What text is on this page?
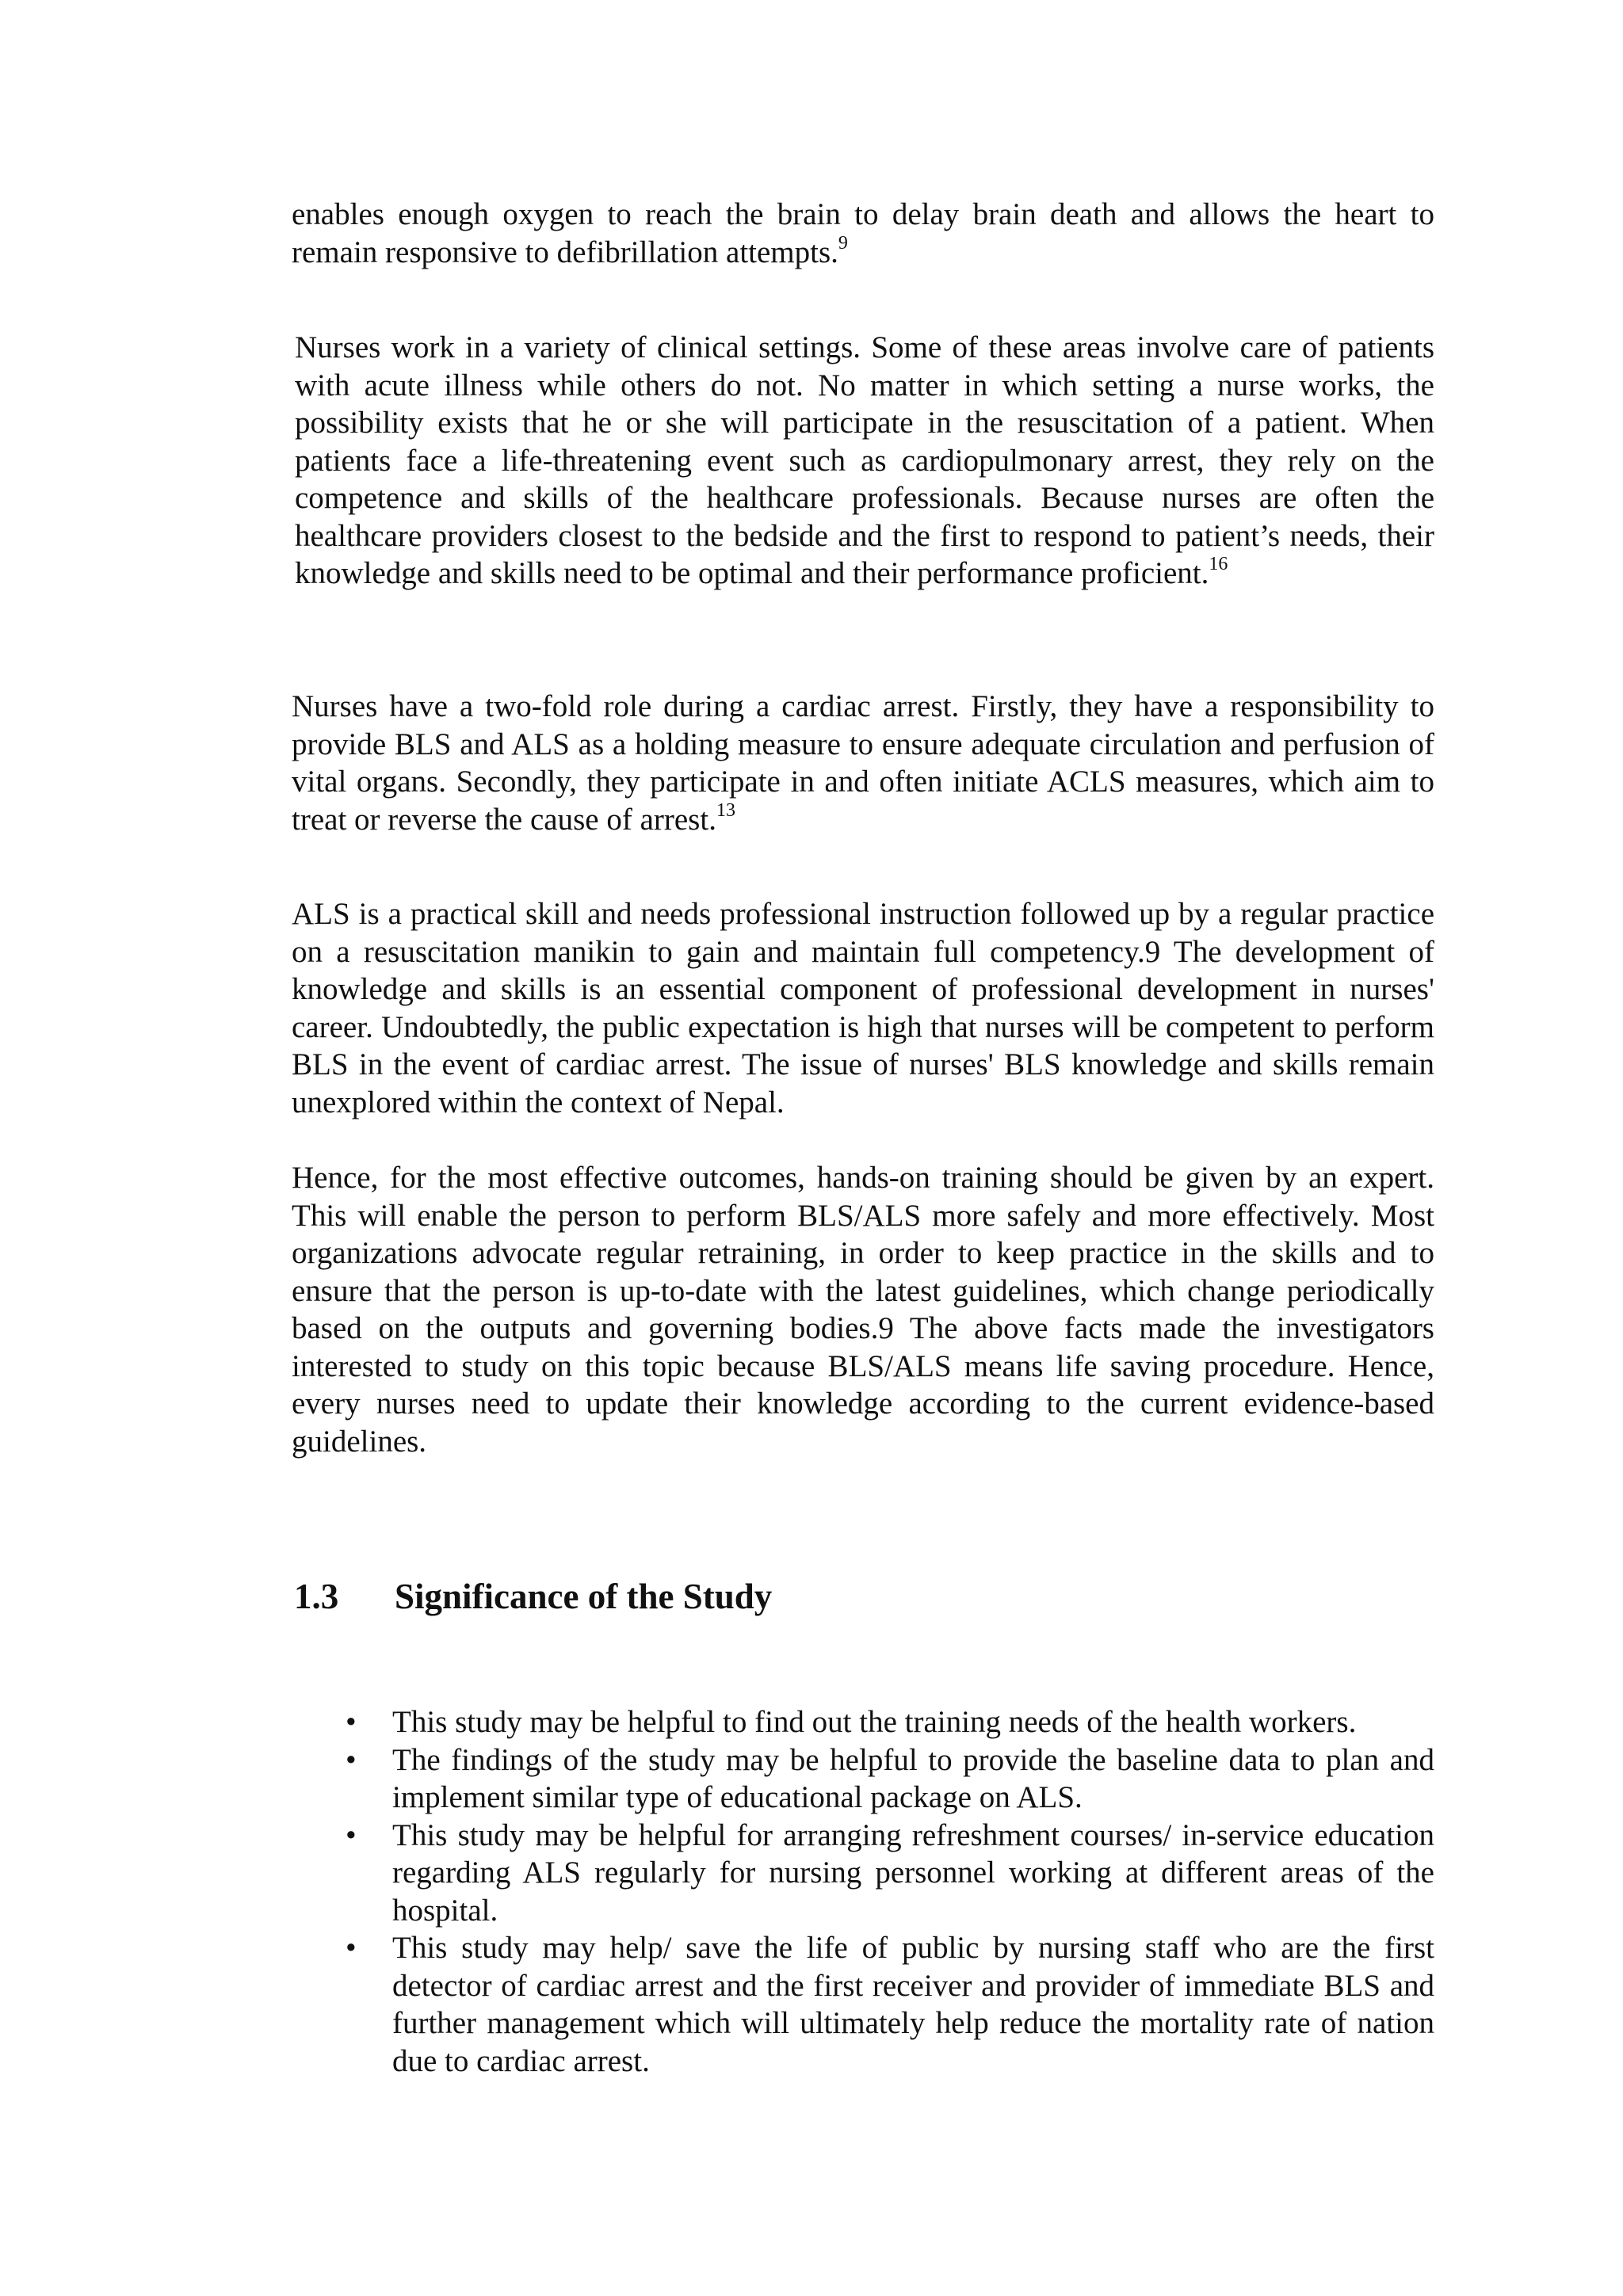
enables enough oxygen to reach the brain to delay brain death and allows the heart to remain responsive to defibrillation attempts.$^9$

Nurses work in a variety of clinical settings. Some of these areas involve care of patients with acute illness while others do not. No matter in which setting a nurse works, the possibility exists that he or she will participate in the resuscitation of a patient. When patients face a life-threatening event such as cardiopulmonary arrest, they rely on the competence and skills of the healthcare professionals. Because nurses are often the healthcare providers closest to the bedside and the first to respond to patient’s needs, their knowledge and skills need to be optimal and their performance proficient.$^{16}$

Nurses have a two-fold role during a cardiac arrest. Firstly, they have a responsibility to provide BLS and ALS as a holding measure to ensure adequate circulation and perfusion of vital organs. Secondly, they participate in and often initiate ACLS measures, which aim to treat or reverse the cause of arrest.$^{13}$

ALS is a practical skill and needs professional instruction followed up by a regular practice on a resuscitation manikin to gain and maintain full competency.9 The development of knowledge and skills is an essential component of professional development in nurses' career. Undoubtedly, the public expectation is high that nurses will be competent to perform BLS in the event of cardiac arrest. The issue of nurses' BLS knowledge and skills remain unexplored within the context of Nepal.

Hence, for the most effective outcomes, hands-on training should be given by an expert. This will enable the person to perform BLS/ALS more safely and more effectively. Most organizations advocate regular retraining, in order to keep practice in the skills and to ensure that the person is up-to-date with the latest guidelines, which change periodically based on the outputs and governing bodies.9 The above facts made the investigators interested to study on this topic because BLS/ALS means life saving procedure. Hence, every nurses need to update their knowledge according to the current evidence-based guidelines.

1.3 Significance of the Study
• This study may be helpful to find out the training needs of the health workers.
• The findings of the study may be helpful to provide the baseline data to plan and implement similar type of educational package on ALS.
• This study may be helpful for arranging refreshment courses/ in-service education regarding ALS regularly for nursing personnel working at different areas of the hospital.
• This study may help/ save the life of public by nursing staff who are the first detector of cardiac arrest and the first receiver and provider of immediate BLS and further management which will ultimately help reduce the mortality rate of nation due to cardiac arrest.
